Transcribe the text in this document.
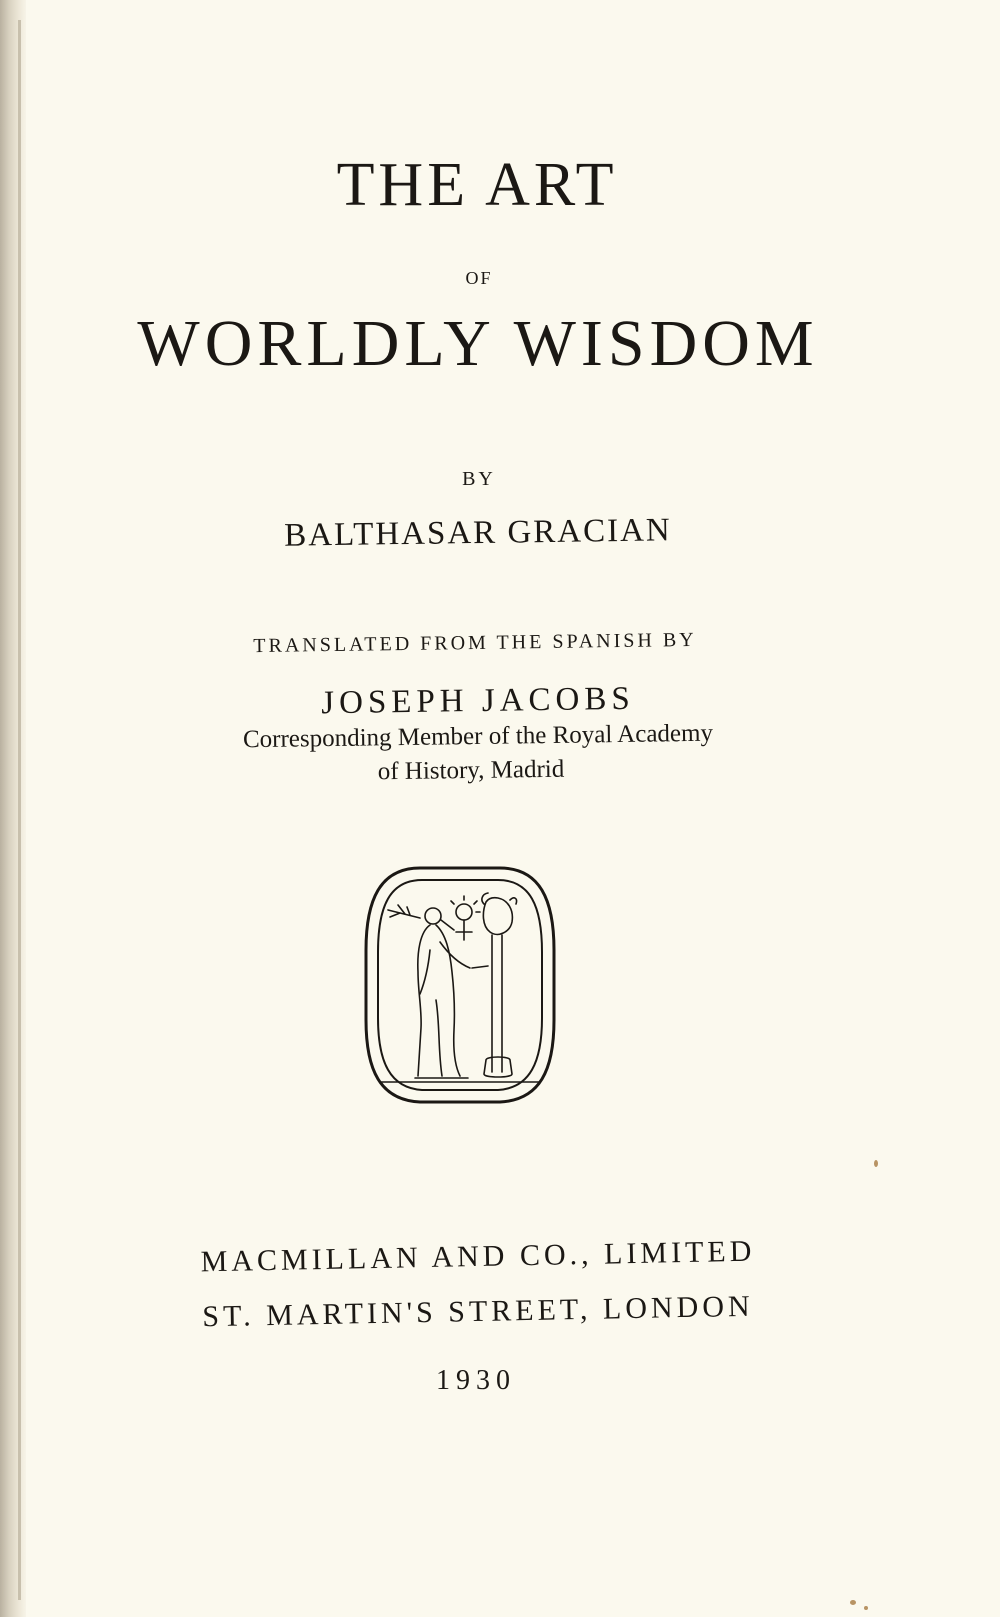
THE ART
OF
WORLDLY WISDOM
BY
BALTHASAR GRACIAN
TRANSLATED FROM THE SPANISH BY
JOSEPH JACOBS
Corresponding Member of the Royal Academy
of History, Madrid
MACMILLAN AND CO., LIMITED
ST. MARTIN'S STREET, LONDON
1930
